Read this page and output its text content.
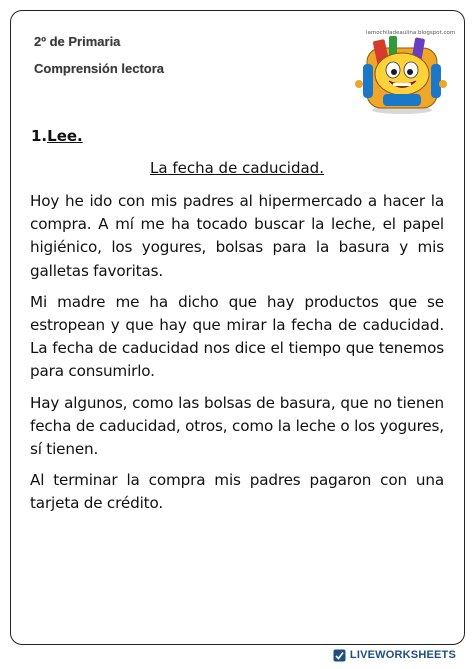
2º de Primaria
Comprensión lectora
lamochiladeaulina.blogspot.com
1.Lee.
La fecha de caducidad.

Hoy he ido con mis padres al hipermercado a hacer la compra. A mí me ha tocado buscar la leche, el papel higiénico, los yogures, bolsas para la basura y mis galletas favoritas.

Mi madre me ha dicho que hay productos que se estropean y que hay que mirar la fecha de caducidad. La fecha de caducidad nos dice el tiempo que tenemos para consumirlo.

Hay algunos, como las bolsas de basura, que no tienen fecha de caducidad, otros, como la leche o los yogures, sí tienen.

Al terminar la compra mis padres pagaron con una tarjeta de crédito.

LIVEWORKSHEETS
